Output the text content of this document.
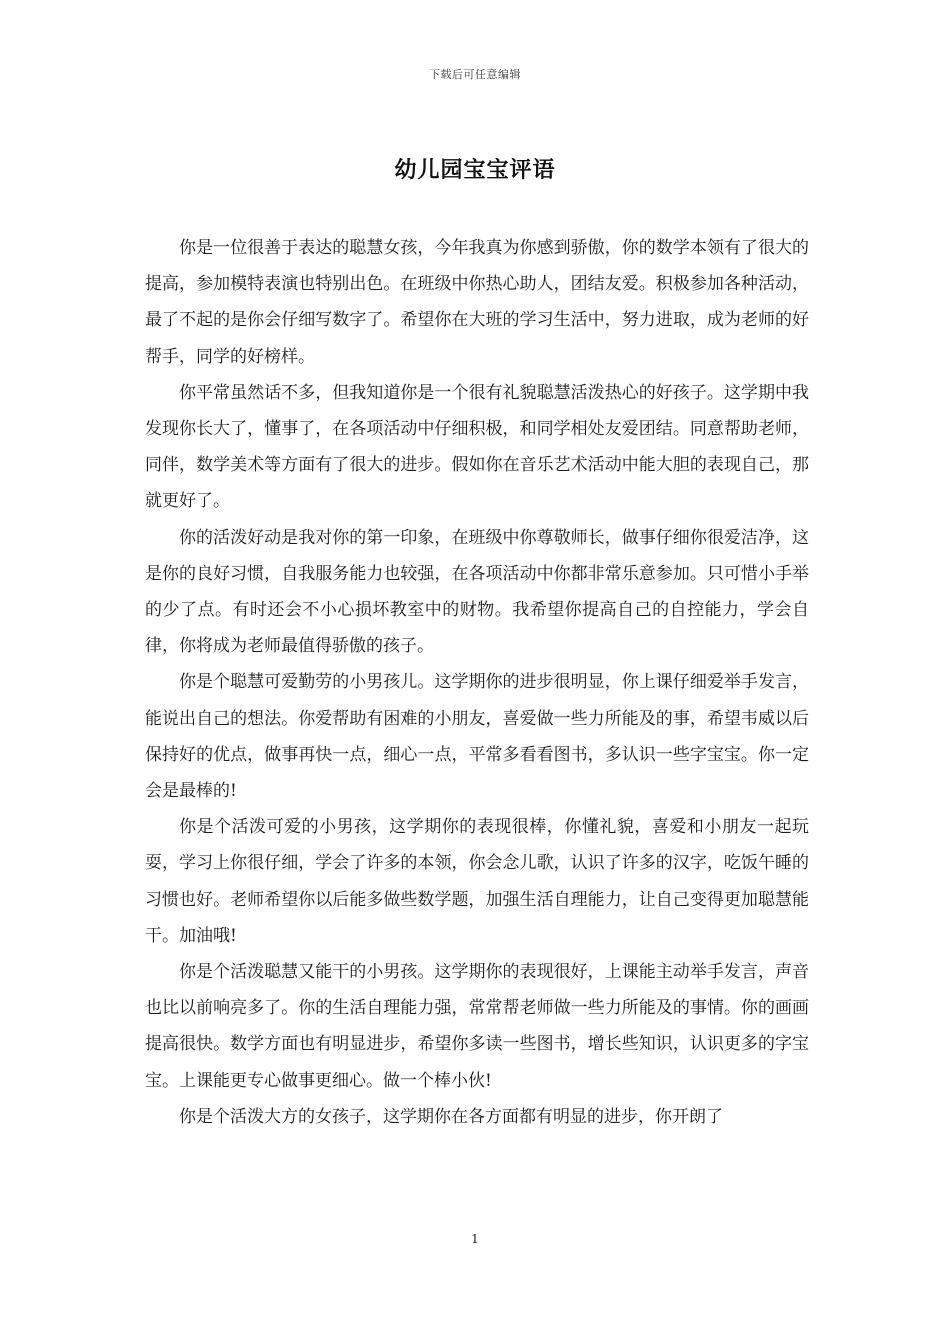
下载后可任意编辑
幼儿园宝宝评语

你是一位很善于表达的聪慧女孩，今年我真为你感到骄傲，你的数学本领有了很大的提高，参加模特表演也特别出色。在班级中你热心助人，团结友爱。积极参加各种活动，最了不起的是你会仔细写数字了。希望你在大班的学习生活中，努力进取，成为老师的好帮手，同学的好榜样。

你平常虽然话不多，但我知道你是一个很有礼貌聪慧活泼热心的好孩子。这学期中我发现你长大了，懂事了，在各项活动中仔细积极，和同学相处友爱团结。同意帮助老师，同伴，数学美术等方面有了很大的进步。假如你在音乐艺术活动中能大胆的表现自己，那就更好了。

你的活泼好动是我对你的第一印象，在班级中你尊敬师长，做事仔细你很爱洁净，这是你的良好习惯，自我服务能力也较强，在各项活动中你都非常乐意参加。只可惜小手举的少了点。有时还会不小心损坏教室中的财物。我希望你提高自己的自控能力，学会自律，你将成为老师最值得骄傲的孩子。

你是个聪慧可爱勤劳的小男孩儿。这学期你的进步很明显，你上课仔细爱举手发言，能说出自己的想法。你爱帮助有困难的小朋友，喜爱做一些力所能及的事，希望韦威以后保持好的优点，做事再快一点，细心一点，平常多看看图书，多认识一些字宝宝。你一定会是最棒的!

你是个活泼可爱的小男孩，这学期你的表现很棒，你懂礼貌，喜爱和小朋友一起玩耍，学习上你很仔细，学会了许多的本领，你会念儿歌，认识了许多的汉字，吃饭午睡的习惯也好。老师希望你以后能多做些数学题，加强生活自理能力，让自己变得更加聪慧能干。加油哦!

你是个活泼聪慧又能干的小男孩。这学期你的表现很好，上课能主动举手发言，声音也比以前响亮多了。你的生活自理能力强，常常帮老师做一些力所能及的事情。你的画画提高很快。数学方面也有明显进步，希望你多读一些图书，增长些知识，认识更多的字宝宝。上课能更专心做事更细心。做一个棒小伙!

你是个活泼大方的女孩子，这学期你在各方面都有明显的进步，你开朗了

1
